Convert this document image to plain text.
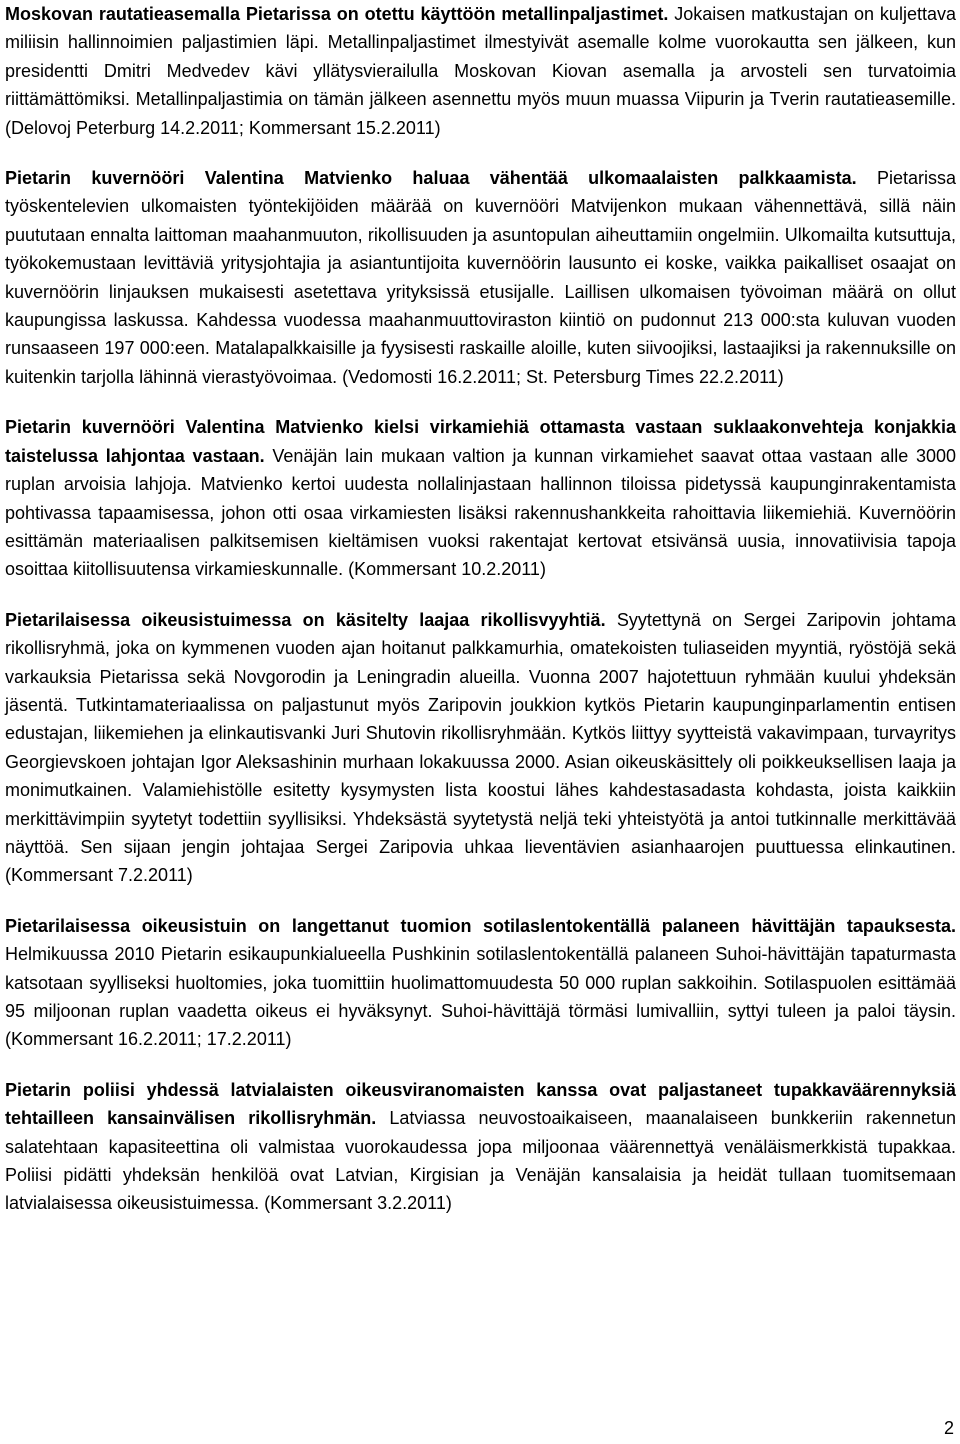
Moskovan rautatieasemalla Pietarissa on otettu käyttöön metallinpaljastimet. Jokaisen matkustajan on kuljettava miliisin hallinnoimien paljastimien läpi. Metallinpaljastimet ilmestyivät asemalle kolme vuorokautta sen jälkeen, kun presidentti Dmitri Medvedev kävi yllätysvierailulla Moskovan Kiovan asemalla ja arvosteli sen turvatoimia riittämättömiksi. Metallinpaljastimia on tämän jälkeen asennettu myös muun muassa Viipurin ja Tverin rautatieasemille. (Delovoj Peterburg 14.2.2011; Kommersant 15.2.2011)

Pietarin kuvernööri Valentina Matvienko haluaa vähentää ulkomaalaisten palkkaamista. Pietarissa työskentelevien ulkomaisten työntekijöiden määrää on kuvernööri Matvijenkon mukaan vähennettävä, sillä näin puututaan ennalta laittoman maahanmuuton, rikollisuuden ja asuntopulan aiheuttamiin ongelmiin. Ulkomailta kutsuttuja, työkokemustaan levittäviä yritysjohtajia ja asiantuntijoita kuvernöörin lausunto ei koske, vaikka paikalliset osaajat on kuvernöörin linjauksen mukaisesti asetettava yrityksissä etusijalle. Laillisen ulkomaisen työvoiman määrä on ollut kaupungissa laskussa. Kahdessa vuodessa maahanmuuttoviraston kiintiö on pudonnut 213 000:sta kuluvan vuoden runsaaseen 197 000:een. Matalapalkkaisille ja fyysisesti raskaille aloille, kuten siivoojiksi, lastaajiksi ja rakennuksille on kuitenkin tarjolla lähinnä vierastyövoimaa. (Vedomosti 16.2.2011; St. Petersburg Times 22.2.2011)

Pietarin kuvernööri Valentina Matvienko kielsi virkamiehiä ottamasta vastaan suklaakonvehteja konjakkia taistelussa lahjontaa vastaan. Venäjän lain mukaan valtion ja kunnan virkamiehet saavat ottaa vastaan alle 3000 ruplan arvoisia lahjoja. Matvienko kertoi uudesta nollalinjastaan hallinnon tiloissa pidetyssä kaupunginrakentamista pohtivassa tapaamisessa, johon otti osaa virkamiesten lisäksi rakennushankkeita rahoittavia liikemiehiä. Kuvernöörin esittämän materiaalisen palkitsemisen kieltämisen vuoksi rakentajat kertovat etsivänsä uusia, innovatiivisia tapoja osoittaa kiitollisuutensa virkamieskunnalle. (Kommersant 10.2.2011)

Pietarilaisessa oikeusistuimessa on käsitelty laajaa rikollisvyyhtiä. Syytettynä on Sergei Zaripovin johtama rikollisryhmä, joka on kymmenen vuoden ajan hoitanut palkkamurhia, omatekoisten tuliaseiden myyntiä, ryöstöjä sekä varkauksia Pietarissa sekä Novgorodin ja Leningradin alueilla. Vuonna 2007 hajotettuun ryhmään kuului yhdeksän jäsentä. Tutkintamateriaalissa on paljastunut myös Zaripovin joukkion kytkös Pietarin kaupunginparlamentin entisen edustajan, liikemiehen ja elinkautisvanki Juri Shutovin rikollisryhmään. Kytkös liittyy syytteistä vakavimpaan, turvayritys Georgievskoen johtajan Igor Aleksashinin murhaan lokakuussa 2000. Asian oikeuskäsittely oli poikkeuksellisen laaja ja monimutkainen. Valamiehistölle esitetty kysymysten lista koostui lähes kahdestasadasta kohdasta, joista kaikkiin merkittävimpiin syytetyt todettiin syyllisiksi. Yhdeksästä syytetystä neljä teki yhteistyötä ja antoi tutkinnalle merkittävää näyttöä. Sen sijaan jengin johtajaa Sergei Zaripovia uhkaa lieventävien asianhaarojen puuttuessa elinkautinen. (Kommersant 7.2.2011)

Pietarilaisessa oikeusistuin on langettanut tuomion sotilaslentokentällä palaneen hävittäjän tapauksesta. Helmikuussa 2010 Pietarin esikaupunkialueella Pushkinin sotilaslentokentällä palaneen Suhoi-hävittäjän tapaturmasta katsotaan syylliseksi huoltomies, joka tuomittiin huolimattomuudesta 50 000 ruplan sakkoihin. Sotilaspuolen esittämää 95 miljoonan ruplan vaadetta oikeus ei hyväksynyt. Suhoi-hävittäjä törmäsi lumivalliin, syttyi tuleen ja paloi täysin. (Kommersant 16.2.2011; 17.2.2011)

Pietarin poliisi yhdessä latvialaisten oikeusviranomaisten kanssa ovat paljastaneet tupakkaväärennyksiä tehtailleen kansainvälisen rikollisryhmän. Latviassa neuvostoaikaiseen, maanalaiseen bunkkeriin rakennetun salatehtaan kapasiteettina oli valmistaa vuorokaudessa jopa miljoonaa väärennettyä venäläismerkkistä tupakkaa. Poliisi pidätti yhdeksän henkilöä ovat Latvian, Kirgisian ja Venäjän kansalaisia ja heidät tullaan tuomitsemaan latvialaisessa oikeusistuimessa. (Kommersant 3.2.2011)

2
